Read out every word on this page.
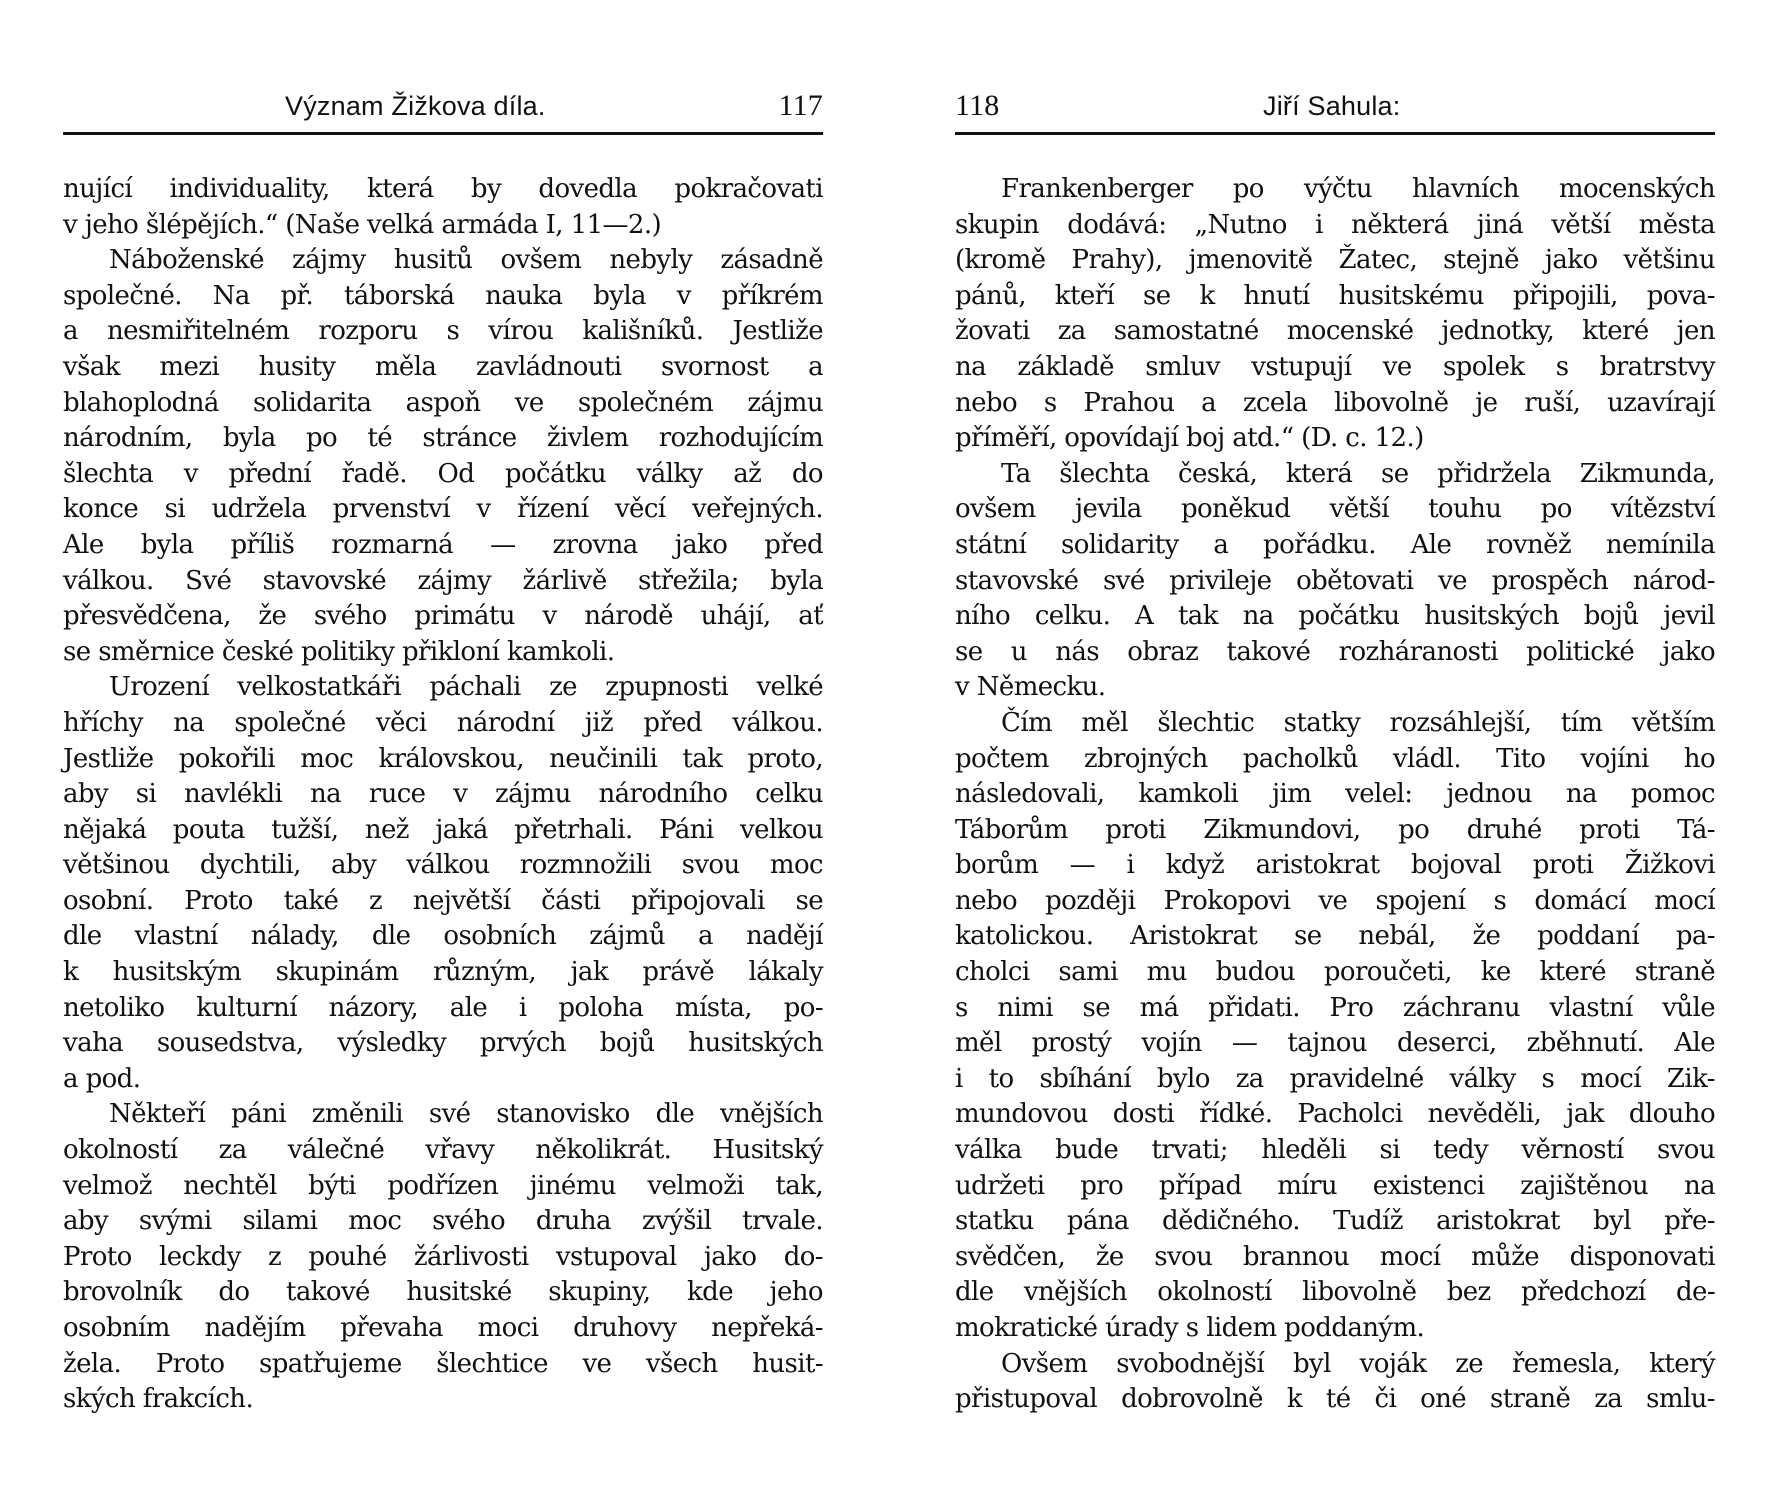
Význam Žižkova díla.	117
nující individuality, která by dovedla pokračovati
v jeho šlépějích.“ (Naše velká armáda I, 11—2.)
Náboženské zájmy husitů ovšem nebyly zásadně
společné. Na př. táborská nauka byla v příkrém
a nesmiřitelném rozporu s vírou kališníků. Jestliže
však mezi husity měla zavládnouti svornost a
blahoplodná solidarita aspoň ve společném zájmu
národním, byla po té stránce živlem rozhodujícím
šlechta v přední řadě. Od počátku války až do
konce si udržela prvenství v řízení věcí veřejných.
Ale byla příliš rozmarná — zrovna jako před
válkou. Své stavovské zájmy žárlivě střežila; byla
přesvědčena, že svého primátu v národě uhájí, ať
se směrnice české politiky přikloní kamkoli.
Urození velkostatkáři páchali ze zpupnosti velké
hříchy na společné věci národní již před válkou.
Jestliže pokořili moc královskou, neučinili tak proto,
aby si navlékli na ruce v zájmu národního celku
nějaká pouta tužší, než jaká přetrhali. Páni velkou
většinou dychtili, aby válkou rozmnožili svou moc
osobní. Proto také z největší části připojovali se
dle vlastní nálady, dle osobních zájmů a nadějí
k husitským skupinám různým, jak právě lákaly
netoliko kulturní názory, ale i poloha místa, po-
vaha sousedstva, výsledky prvých bojů husitských
a pod.
Někteří páni změnili své stanovisko dle vnějších
okolností za válečné vřavy několikrát. Husitský
velmož nechtěl býti podřízen jinému velmoži tak,
aby svými silami moc svého druha zvýšil trvale.
Proto leckdy z pouhé žárlivosti vstupoval jako do-
brovolník do takové husitské skupiny, kde jeho
osobním nadějím převaha moci druhovy nepřeká-
žela. Proto spatřujeme šlechtice ve všech husit-
ských frakcích.
118	Jiří Sahula:
Frankenberger po výčtu hlavních mocenských
skupin dodává: „Nutno i některá jiná větší města
(kromě Prahy), jmenovitě Žatec, stejně jako většinu
pánů, kteří se k hnutí husitskému připojili, pova-
žovati za samostatné mocenské jednotky, které jen
na základě smluv vstupují ve spolek s bratrstvy
nebo s Prahou a zcela libovolně je ruší, uzavírají
příměří, opovídají boj atd.“ (D. c. 12.)
Ta šlechta česká, která se přidržela Zikmunda,
ovšem jevila poněkud větší touhu po vítězství
státní solidarity a pořádku. Ale rovněž nemínila
stavovské své privileje obětovati ve prospěch národ-
ního celku. A tak na počátku husitských bojů jevil
se u nás obraz takové rozháranosti politické jako
v Německu.
Čím měl šlechtic statky rozsáhlejší, tím větším
počtem zbrojných pacholků vládl. Tito vojíni ho
následovali, kamkoli jim velel: jednou na pomoc
Táborům proti Zikmundovi, po druhé proti Tá-
borům — i když aristokrat bojoval proti Žižkovi
nebo později Prokopovi ve spojení s domácí mocí
katolickou. Aristokrat se nebál, že poddaní pa-
cholci sami mu budou poroučeti, ke které straně
s nimi se má přidati. Pro záchranu vlastní vůle
měl prostý vojín — tajnou deserci, zběhnutí. Ale
i to sbíhání bylo za pravidelné války s mocí Zik-
mundovou dosti řídké. Pacholci nevěděli, jak dlouho
válka bude trvati; hleděli si tedy věrností svou
udržeti pro případ míru existenci zajištěnou na
statku pána dědičného. Tudíž aristokrat byl pře-
svědčen, že svou brannou mocí může disponovati
dle vnějších okolností libovolně bez předchozí de-
mokratické úrady s lidem poddaným.
Ovšem svobodnější byl voják ze řemesla, který
přistupoval dobrovolně k té či oné straně za smlu-
